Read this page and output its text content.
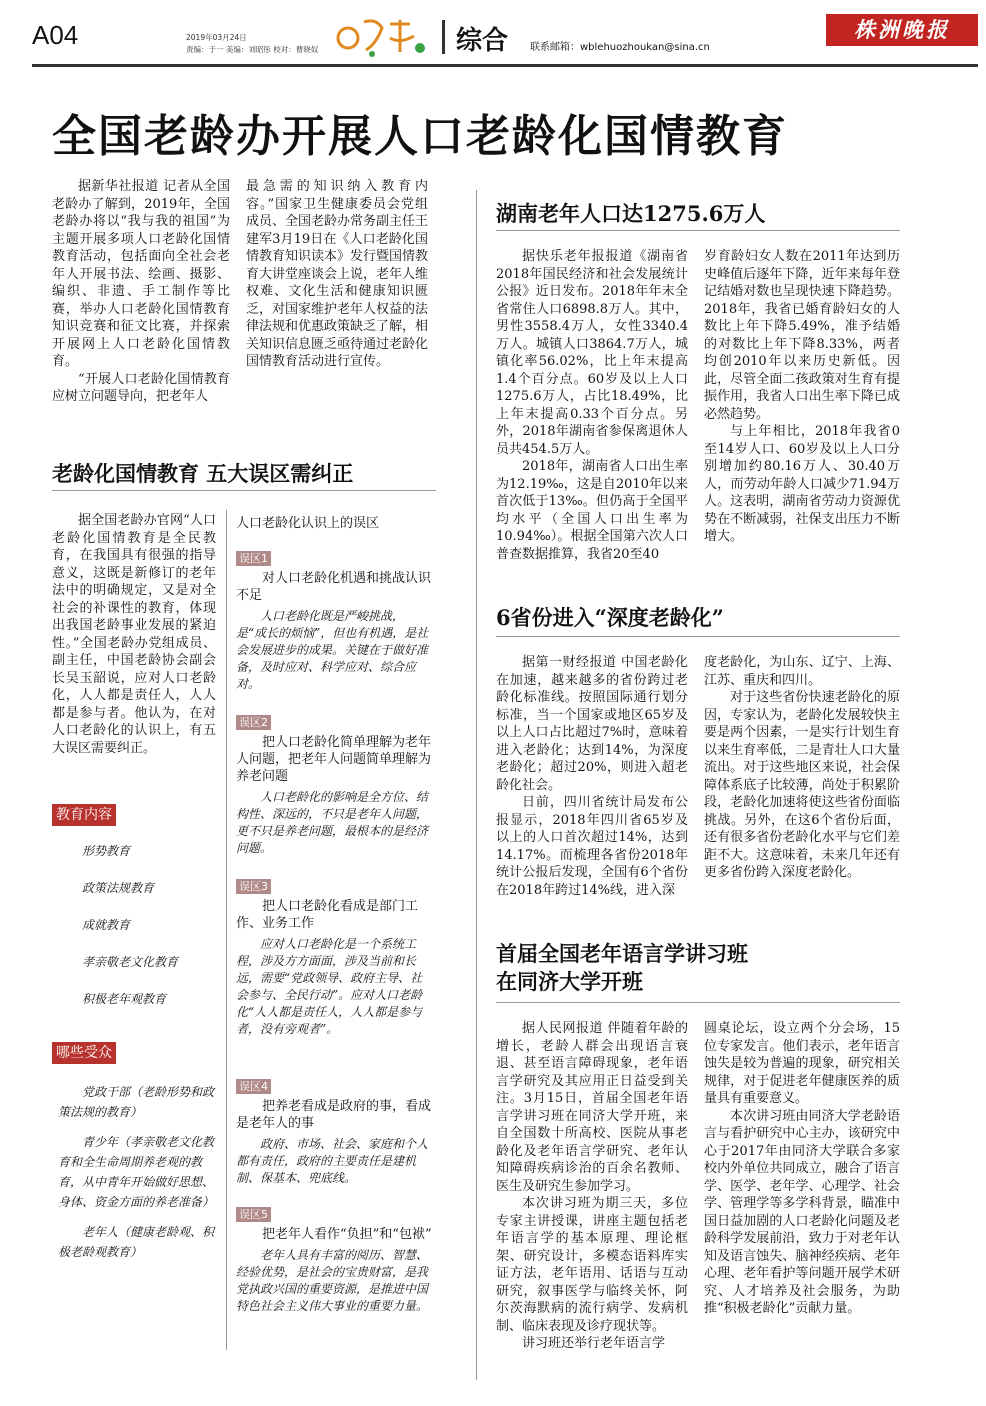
A04	2019年03月24日
责编：于一 美编：刘昭彤 校对：曹晓奴	综合 联系邮箱：wblehuozhoukan@sina.cn
株洲晚报
全国老龄办开展人口老龄化国情教育

据新华社报道 记者从全国老龄办了解到，2019年，全国老龄办将以“我与我的祖国”为主题开展多项人口老龄化国情教育活动，包括面向全社会老年人开展书法、绘画、摄影、编织、非遗、手工制作等比赛，举办人口老龄化国情教育知识竞赛和征文比赛，并探索开展网上人口老龄化国情教育。

“开展人口老龄化国情教育应树立问题导向，把老年人

最急需的知识纳入教育内容。”国家卫生健康委员会党组成员、全国老龄办常务副主任王建军3月19日在《人口老龄化国情教育知识读本》发行暨国情教育大讲堂座谈会上说，老年人维权难、文化生活和健康知识匮乏，对国家维护老年人权益的法律法规和优惠政策缺乏了解，相关知识信息匮乏亟待通过老龄化国情教育活动进行宣传。

老龄化国情教育 五大误区需纠正

据全国老龄办官网“人口老龄化国情教育是全民教育，在我国具有很强的指导意义，这既是新修订的老年法中的明确规定，又是对全社会的补课性的教育，体现出我国老龄事业发展的紧迫性。”全国老龄办党组成员、副主任，中国老龄协会副会长吴玉韶说，应对人口老龄化，人人都是责任人，人人都是参与者。他认为，在对人口老龄化的认识上，有五大误区需要纠正。

教育内容

形势教育

政策法规教育

成就教育

孝亲敬老文化教育

积极老年观教育

哪些受众

党政干部（老龄形势和政策法规的教育）

青少年（孝亲敬老文化教育和全生命周期养老观的教育，从中青年开始做好思想、身体、资金方面的养老准备）

老年人（健康老龄观、积极老龄观教育）

人口老龄化认识上的误区
误区1

对人口老龄化机遇和挑战认识不足

人口老龄化既是严峻挑战，是“成长的烦恼”，但也有机遇，是社会发展进步的成果。关键在于做好准备，及时应对、科学应对、综合应对。

误区2

把人口老龄化简单理解为老年人问题，把老年人问题简单理解为养老问题

人口老龄化的影响是全方位、结构性、深远的，不只是老年人问题，更不只是养老问题，最根本的是经济问题。

误区3

把人口老龄化看成是部门工作、业务工作

应对人口老龄化是一个系统工程，涉及方方面面，涉及当前和长远，需要“党政领导、政府主导、社会参与、全民行动”。应对人口老龄化“人人都是责任人，人人都是参与者，没有旁观者”。

误区4

把养老看成是政府的事，看成是老年人的事

政府、市场、社会、家庭和个人都有责任，政府的主要责任是建机制、保基本、兜底线。

误区5

把老年人看作“负担”和“包袱”

老年人具有丰富的阅历、智慧、经验优势，是社会的宝贵财富，是我党执政兴国的重要资源，是推进中国特色社会主义伟大事业的重要力量。

湖南老年人口达1275.6万人

据快乐老年报报道《湖南省2018年国民经济和社会发展统计公报》近日发布。2018年年末全省常住人口6898.8万人。其中，男性3558.4万人，女性3340.4万人。城镇人口3864.7万人，城镇化率56.02%，比上年末提高1.4个百分点。60岁及以上人口1275.6万人，占比18.49%，比上年末提高0.33个百分点。另外，2018年湖南省参保离退休人员共454.5万人。

2018年，湖南省人口出生率为12.19‰，这是自2010年以来首次低于13‰。但仍高于全国平均水平（全国人口出生率为10.94‰）。根据全国第六次人口普查数据推算，我省20至40

岁育龄妇女人数在2011年达到历史峰值后逐年下降，近年来每年登记结婚对数也呈现快速下降趋势。2018年，我省已婚育龄妇女的人数比上年下降5.49%，准予结婚的对数比上年下降8.33%，两者均创2010年以来历史新低。因此，尽管全面二孩政策对生育有提振作用，我省人口出生率下降已成必然趋势。

与上年相比，2018年我省0至14岁人口、60岁及以上人口分别增加约80.16万人、30.40万人，而劳动年龄人口减少71.94万人。这表明，湖南省劳动力资源优势在不断减弱，社保支出压力不断增大。

6省份进入“深度老龄化”

据第一财经报道 中国老龄化在加速，越来越多的省份跨过老龄化标准线。按照国际通行划分标准，当一个国家或地区65岁及以上人口占比超过7%时，意味着进入老龄化；达到14%，为深度老龄化；超过20%，则进入超老龄化社会。

日前，四川省统计局发布公报显示，2018年四川省65岁及以上的人口首次超过14%，达到14.17%。而梳理各省份2018年统计公报后发现，全国有6个省份在2018年跨过14%线，进入深

度老龄化，为山东、辽宁、上海、江苏、重庆和四川。

对于这些省份快速老龄化的原因，专家认为，老龄化发展较快主要是两个因素，一是实行计划生育以来生育率低，二是青壮人口大量流出。对于这些地区来说，社会保障体系底子比较薄，尚处于积累阶段，老龄化加速将使这些省份面临挑战。另外，在这6个省份后面，还有很多省份老龄化水平与它们差距不大。这意味着，未来几年还有更多省份跨入深度老龄化。

首届全国老年语言学讲习班
在同济大学开班

据人民网报道 伴随着年龄的增长，老龄人群会出现语言衰退、甚至语言障碍现象，老年语言学研究及其应用正日益受到关注。3月15日，首届全国老年语言学讲习班在同济大学开班，来自全国数十所高校、医院从事老龄化及老年语言学研究、老年认知障碍疾病诊治的百余名教师、医生及研究生参加学习。

本次讲习班为期三天，多位专家主讲授课，讲座主题包括老年语言学的基本原理、理论框架、研究设计，多模态语料库实证方法，老年语用、话语与互动研究，叙事医学与临终关怀，阿尔茨海默病的流行病学、发病机制、临床表现及诊疗现状等。

讲习班还举行老年语言学

圆桌论坛，设立两个分会场，15位专家发言。他们表示，老年语言蚀失是较为普遍的现象，研究相关规律，对于促进老年健康医养的质量具有重要意义。

本次讲习班由同济大学老龄语言与看护研究中心主办，该研究中心于2017年由同济大学联合多家校内外单位共同成立，融合了语言学、医学、老年学、心理学、社会学、管理学等多学科背景，瞄准中国日益加剧的人口老龄化问题及老龄科学发展前沿，致力于对老年认知及语言蚀失、脑神经疾病、老年心理、老年看护等问题开展学术研究、人才培养及社会服务，为助推“积极老龄化”贡献力量。
